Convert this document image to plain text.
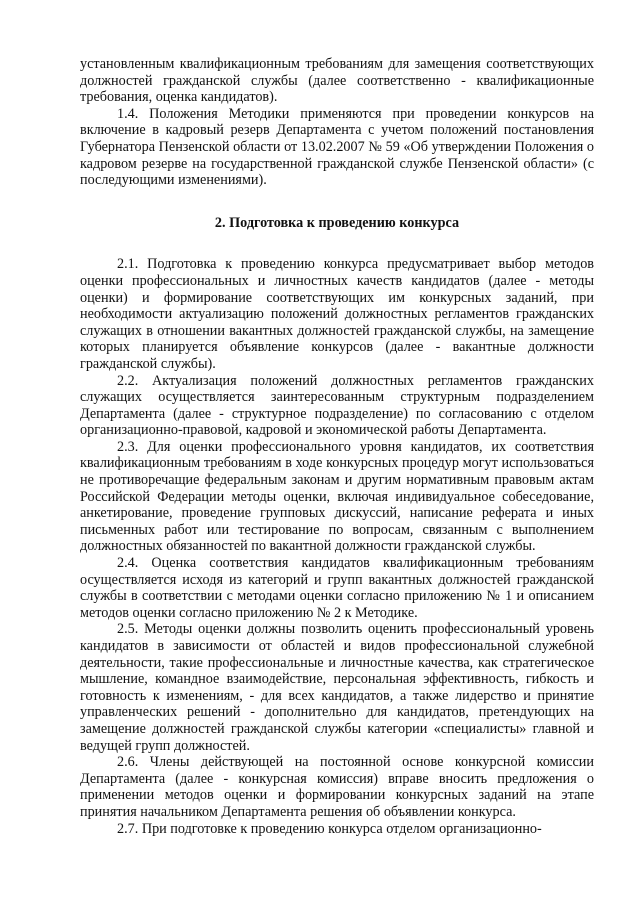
установленным квалификационным требованиям для замещения соответствующих должностей гражданской службы (далее соответственно - квалификационные требования, оценка кандидатов).

1.4. Положения Методики применяются при проведении конкурсов на включение в кадровый резерв Департамента с учетом положений постановления Губернатора Пензенской области от 13.02.2007 № 59 «Об утверждении Положения о кадровом резерве на государственной гражданской службе Пензенской области» (с последующими изменениями).

2. Подготовка к проведению конкурса

2.1. Подготовка к проведению конкурса предусматривает выбор методов оценки профессиональных и личностных качеств кандидатов (далее - методы оценки) и формирование соответствующих им конкурсных заданий, при необходимости актуализацию положений должностных регламентов гражданских служащих в отношении вакантных должностей гражданской службы, на замещение которых планируется объявление конкурсов (далее - вакантные должности гражданской службы).

2.2. Актуализация положений должностных регламентов гражданских служащих осуществляется заинтересованным структурным подразделением Департамента (далее - структурное подразделение) по согласованию с отделом организационно-правовой, кадровой и экономической работы Департамента.

2.3. Для оценки профессионального уровня кандидатов, их соответствия квалификационным требованиям в ходе конкурсных процедур могут использоваться не противоречащие федеральным законам и другим нормативным правовым актам Российской Федерации методы оценки, включая индивидуальное собеседование, анкетирование, проведение групповых дискуссий, написание реферата и иных письменных работ или тестирование по вопросам, связанным с выполнением должностных обязанностей по вакантной должности гражданской службы.

2.4. Оценка соответствия кандидатов квалификационным требованиям осуществляется исходя из категорий и групп вакантных должностей гражданской службы в соответствии с методами оценки согласно приложению № 1 и описанием методов оценки согласно приложению № 2 к Методике.

2.5. Методы оценки должны позволить оценить профессиональный уровень кандидатов в зависимости от областей и видов профессиональной служебной деятельности, такие профессиональные и личностные качества, как стратегическое мышление, командное взаимодействие, персональная эффективность, гибкость и готовность к изменениям, - для всех кандидатов, а также лидерство и принятие управленческих решений - дополнительно для кандидатов, претендующих на замещение должностей гражданской службы категории «специалисты» главной и ведущей групп должностей.

2.6. Члены действующей на постоянной основе конкурсной комиссии Департамента (далее - конкурсная комиссия) вправе вносить предложения о применении методов оценки и формировании конкурсных заданий на этапе принятия начальником Департамента решения об объявлении конкурса.

2.7. При подготовке к проведению конкурса отделом организационно-
